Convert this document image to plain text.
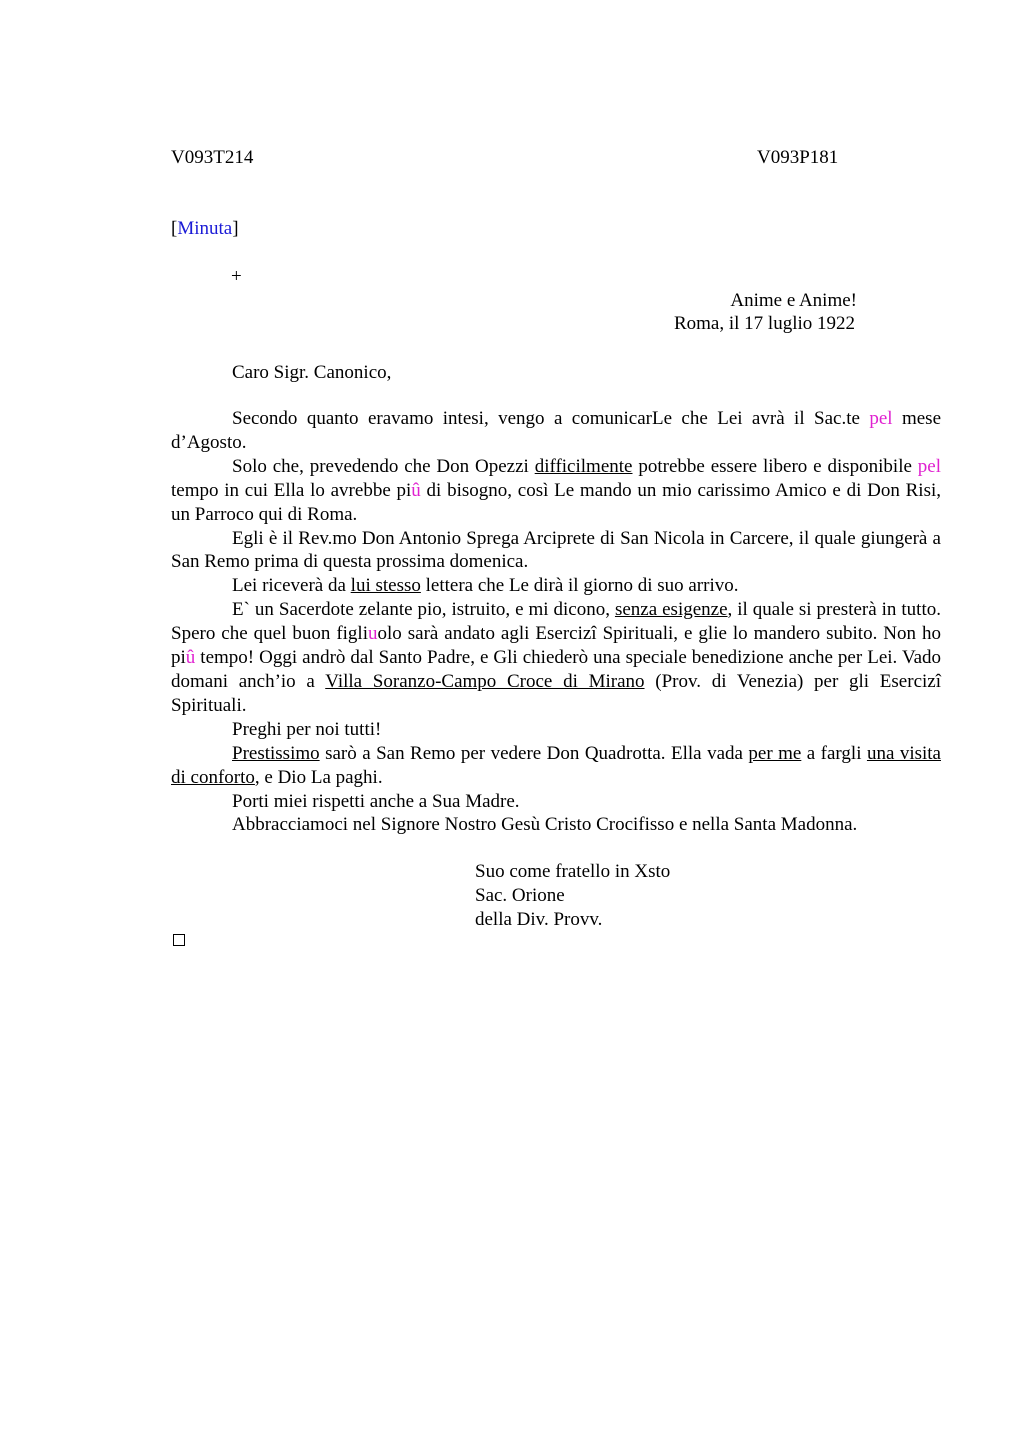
V093T214	V093P181
[Minuta]
+
Anime e Anime!
Roma, il 17 luglio 1922
Caro Sigr. Canonico,

Secondo quanto eravamo intesi, vengo a comunicarLe che Lei avrà il Sac.te pel mese d’Agosto.

Solo che, prevedendo che Don Opezzi difficilmente potrebbe essere libero e disponibile pel tempo in cui Ella lo avrebbe piû di bisogno, così Le mando un mio carissimo Amico e di Don Risi, un Parroco qui di Roma.

Egli è il Rev.mo Don Antonio Sprega Arciprete di San Nicola in Carcere, il quale giungerà a San Remo prima di questa prossima domenica.

Lei riceverà da lui stesso lettera che Le dirà il giorno di suo arrivo.

E` un Sacerdote zelante pio, istruito, e mi dicono, senza esigenze, il quale si presterà in tutto. Spero che quel buon figliuolo sarà andato agli Esercizî Spirituali, e glie lo mandero subito. Non ho piû tempo! Oggi andrò dal Santo Padre, e Gli chiederò una speciale benedizione anche per Lei. Vado domani anch’io a Villa Soranzo-Campo Croce di Mirano (Prov. di Venezia) per gli Esercizî Spirituali.

Preghi per noi tutti!

Prestissimo sarò a San Remo per vedere Don Quadrotta. Ella vada per me a fargli una visita di conforto, e Dio La paghi.

Porti miei rispetti anche a Sua Madre.

Abbracciamoci nel Signore Nostro Gesù Cristo Crocifisso e nella Santa Madonna.

Suo come fratello in Xsto
Sac. Orione
della Div. Provv.
